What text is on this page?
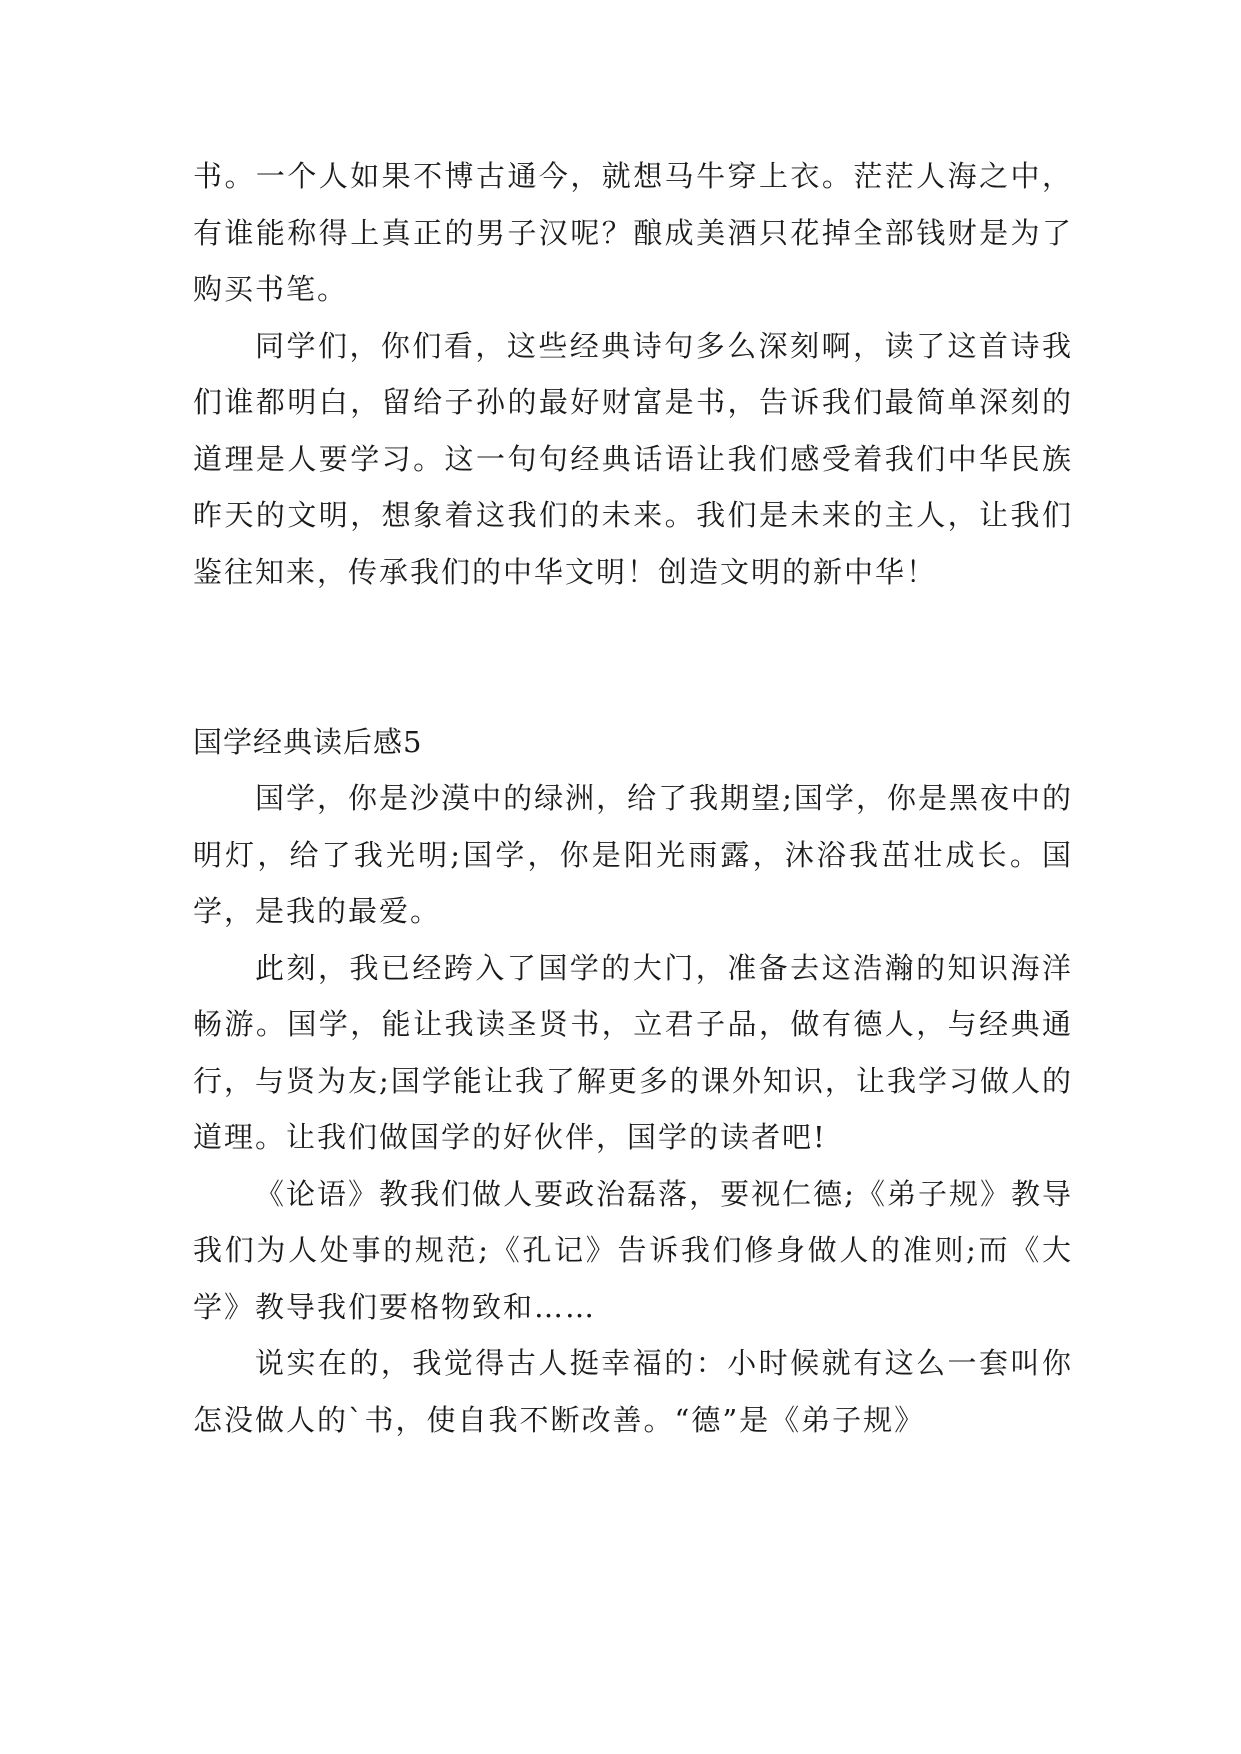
书。一个人如果不博古通今，就想马牛穿上衣。茫茫人海之中，有谁能称得上真正的男子汉呢？酿成美酒只花掉全部钱财是为了购买书笔。

同学们，你们看，这些经典诗句多么深刻啊，读了这首诗我们谁都明白，留给子孙的最好财富是书，告诉我们最简单深刻的道理是人要学习。这一句句经典话语让我们感受着我们中华民族昨天的文明，想象着这我们的未来。我们是未来的主人，让我们鉴往知来，传承我们的中华文明！创造文明的新中华！

国学经典读后感5

国学，你是沙漠中的绿洲，给了我期望;国学，你是黑夜中的明灯，给了我光明;国学，你是阳光雨露，沐浴我茁壮成长。国学，是我的最爱。

此刻，我已经跨入了国学的大门，准备去这浩瀚的知识海洋畅游。国学，能让我读圣贤书，立君子品，做有德人，与经典通行，与贤为友;国学能让我了解更多的课外知识，让我学习做人的道理。让我们做国学的好伙伴，国学的读者吧!

《论语》教我们做人要政治磊落，要视仁德;《弟子规》教导我们为人处事的规范;《孔记》告诉我们修身做人的准则;而《大学》教导我们要格物致和……

说实在的，我觉得古人挺幸福的：小时候就有这么一套叫你怎没做人的`书，使自我不断改善。“德”是《弟子规》
